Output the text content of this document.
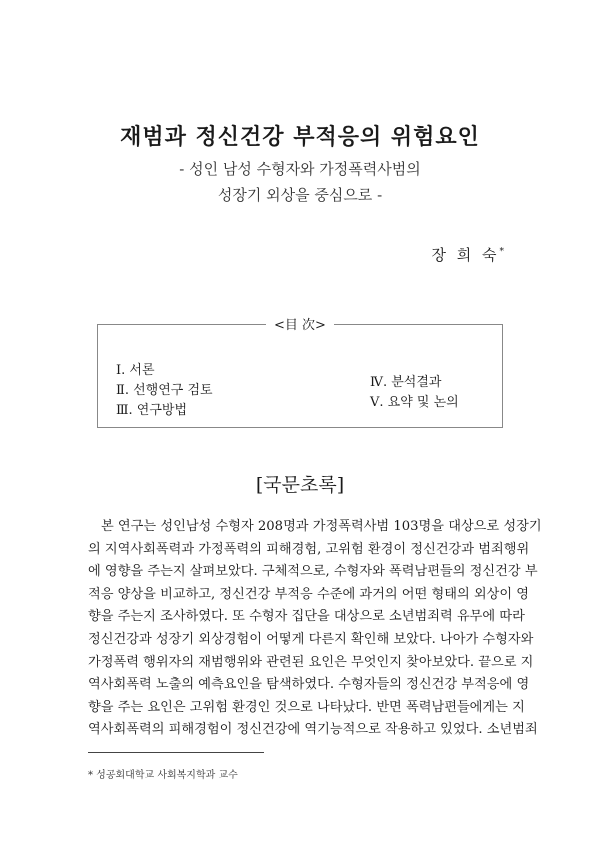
재범과 정신건강 부적응의 위험요인
- 성인 남성 수형자와 가정폭력사범의
성장기 외상을 중심으로 -
장 희 숙*
<目 次>
Ⅰ. 서론
Ⅱ. 선행연구 검토
Ⅲ. 연구방법
Ⅳ. 분석결과
Ⅴ. 요약 및 논의
[국문초록]
본 연구는 성인남성 수형자 208명과 가정폭력사범 103명을 대상으로 성장기
의 지역사회폭력과 가정폭력의 피해경험, 고위험 환경이 정신건강과 범죄행위
에 영향을 주는지 살펴보았다. 구체적으로, 수형자와 폭력남편들의 정신건강 부
적응 양상을 비교하고, 정신건강 부적응 수준에 과거의 어떤 형태의 외상이 영
향을 주는지 조사하였다. 또 수형자 집단을 대상으로 소년범죄력 유무에 따라
정신건강과 성장기 외상경험이 어떻게 다른지 확인해 보았다. 나아가 수형자와
가정폭력 행위자의 재범행위와 관련된 요인은 무엇인지 찾아보았다. 끝으로 지
역사회폭력 노출의 예측요인을 탐색하였다. 수형자들의 정신건강 부적응에 영
향을 주는 요인은 고위험 환경인 것으로 나타났다. 반면 폭력남편들에게는 지
역사회폭력의 피해경험이 정신건강에 역기능적으로 작용하고 있었다. 소년범죄
* 성공회대학교 사회복지학과 교수
